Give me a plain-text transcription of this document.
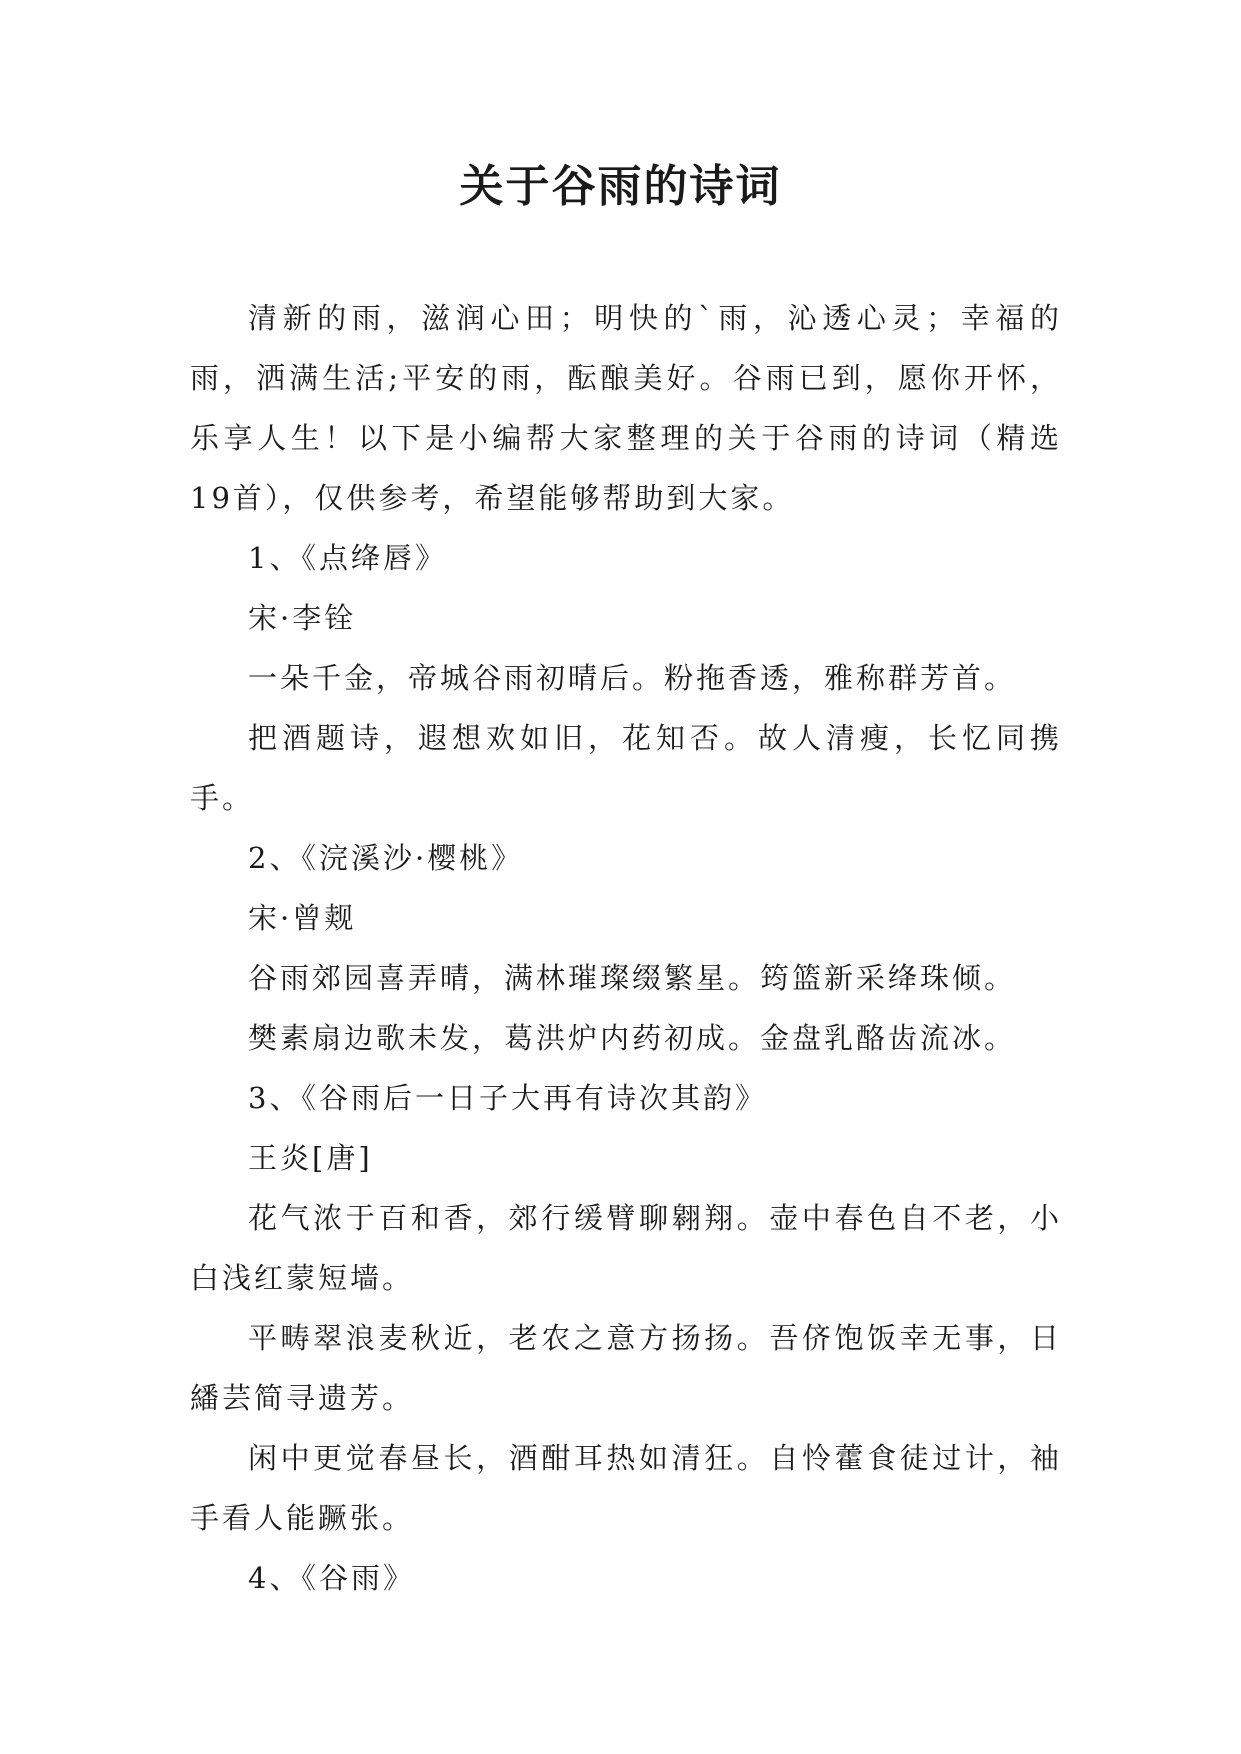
关于谷雨的诗词

清新的雨，滋润心田；明快的`雨，沁透心灵；幸福的雨，洒满生活;平安的雨，酝酿美好。谷雨已到，愿你开怀，乐享人生！以下是小编帮大家整理的关于谷雨的诗词（精选19首），仅供参考，希望能够帮助到大家。

1、《点绛唇》

宋·李铨

一朵千金，帝城谷雨初晴后。粉拖香透，雅称群芳首。

把酒题诗，遐想欢如旧，花知否。故人清瘦，长忆同携手。

2、《浣溪沙·樱桃》

宋·曾觌

谷雨郊园喜弄晴，满林璀璨缀繁星。筠篮新采绛珠倾。

樊素扇边歌未发，葛洪炉内药初成。金盘乳酪齿流冰。

3、《谷雨后一日子大再有诗次其韵》

王炎[唐]

花气浓于百和香，郊行缓臂聊翱翔。壶中春色自不老，小白浅红蒙短墙。

平畴翠浪麦秋近，老农之意方扬扬。吾侪饱饭幸无事，日繙芸简寻遗芳。

闲中更觉春昼长，酒酣耳热如清狂。自怜藿食徒过计，袖手看人能蹶张。

4、《谷雨》
